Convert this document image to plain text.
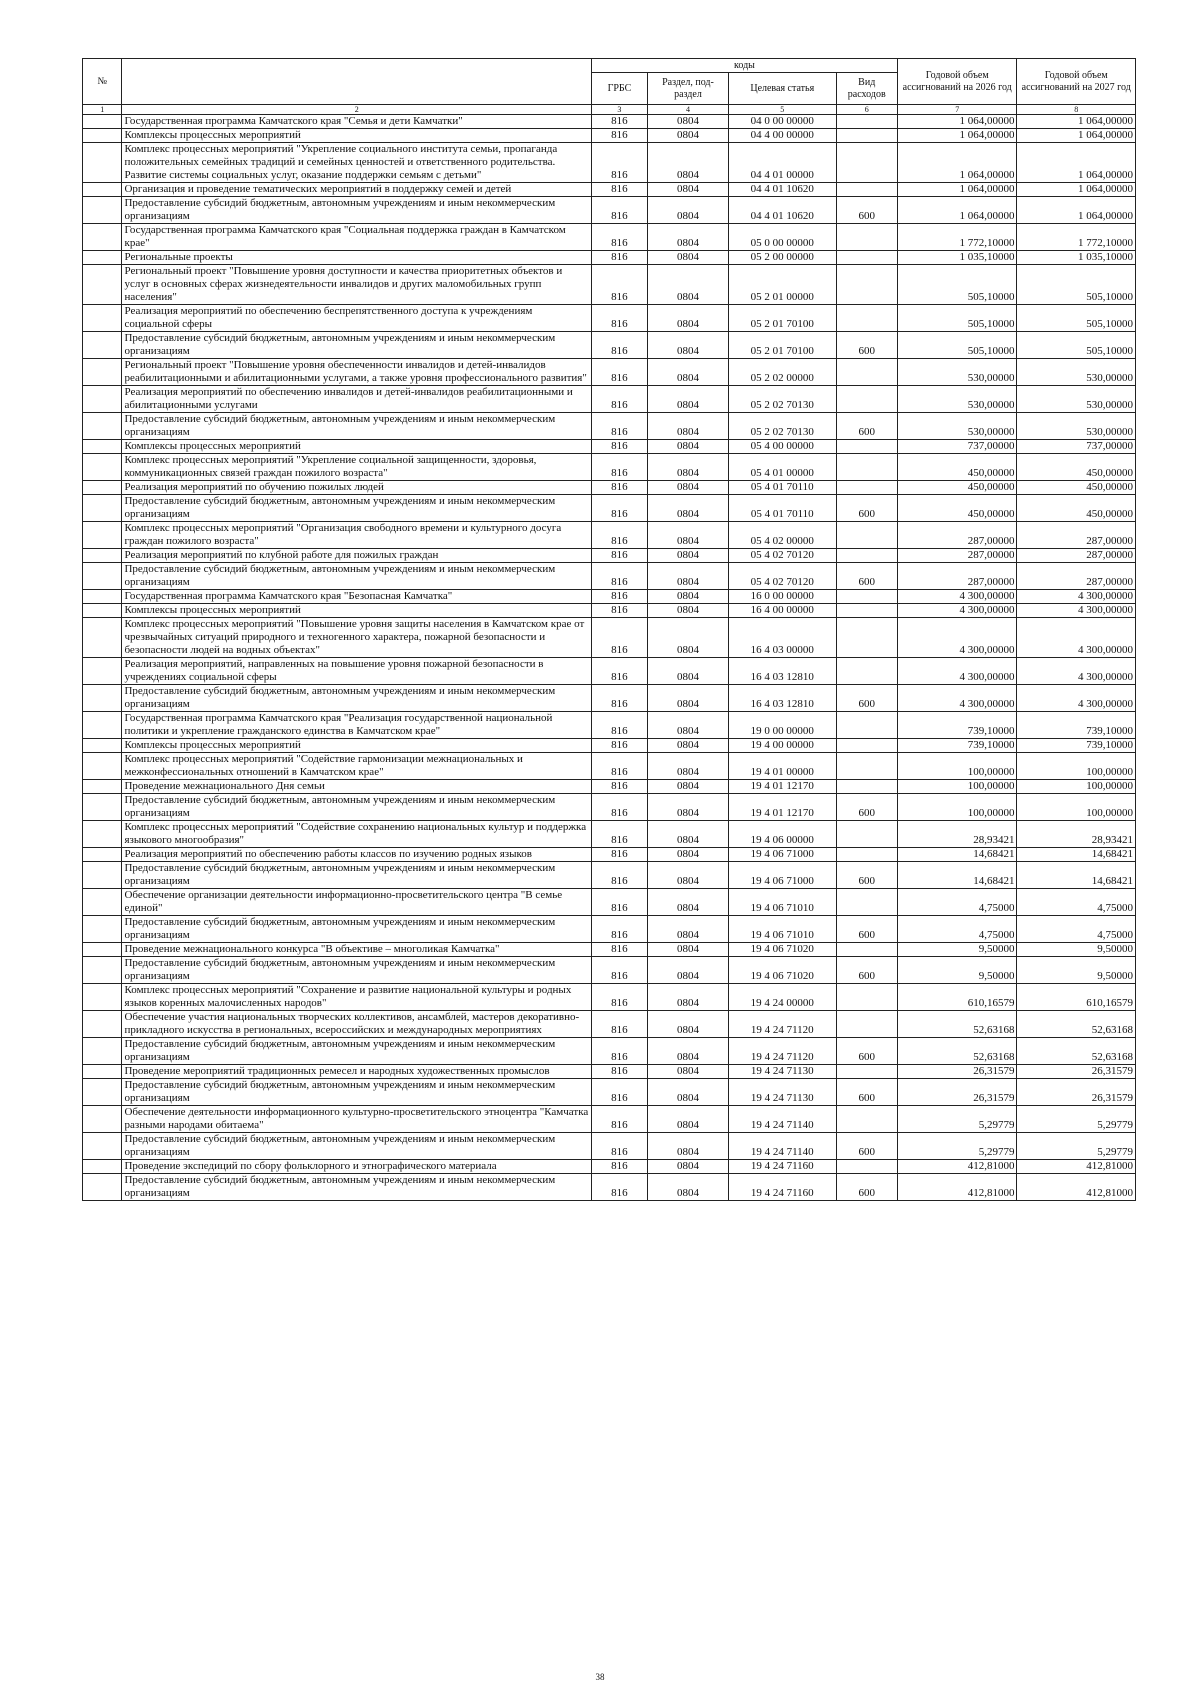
№		коды				Годовой объем ассигнований на 2026 год	Годовой объем ассигнований на 2027 год
		ГРБС	Раздел, под-раздел	Целевая статья	Вид расходов		
1	2	3	4	5	6	7	8
	Государственная программа Камчатского края "Семья и дети Камчатки"	816	0804	04 0 00 00000		1 064,00000	1 064,00000
	Комплексы процессных мероприятий	816	0804	04 4 00 00000		1 064,00000	1 064,00000
	Комплекс процессных мероприятий "Укрепление социального института семьи, пропаганда положительных семейных традиций и семейных ценностей и ответственного родительства. Развитие системы социальных услуг, оказание поддержки семьям с детьми"	816	0804	04 4 01 00000		1 064,00000	1 064,00000
	Организация и проведение тематических мероприятий в поддержку семей и детей	816	0804	04 4 01 10620		1 064,00000	1 064,00000
	Предоставление субсидий бюджетным, автономным учреждениям и иным некоммерческим организациям	816	0804	04 4 01 10620	600	1 064,00000	1 064,00000
	Государственная программа Камчатского края "Социальная поддержка граждан в Камчатском крае"	816	0804	05 0 00 00000		1 772,10000	1 772,10000
	Региональные проекты	816	0804	05 2 00 00000		1 035,10000	1 035,10000
	Региональный проект "Повышение уровня доступности и качества приоритетных объектов и услуг в основных сферах жизнедеятельности инвалидов и других маломобильных групп населения"	816	0804	05 2 01 00000		505,10000	505,10000
	Реализация мероприятий по обеспечению беспрепятственного доступа к учреждениям социальной сферы	816	0804	05 2 01 70100		505,10000	505,10000
	Предоставление субсидий бюджетным, автономным учреждениям и иным некоммерческим организациям	816	0804	05 2 01 70100	600	505,10000	505,10000
	Региональный проект "Повышение уровня обеспеченности инвалидов и детей-инвалидов реабилитационными и абилитационными услугами, а также уровня профессионального развития"	816	0804	05 2 02 00000		530,00000	530,00000
	Реализация мероприятий по обеспечению инвалидов и детей-инвалидов реабилитационными и абилитационными услугами	816	0804	05 2 02 70130		530,00000	530,00000
	Предоставление субсидий бюджетным, автономным учреждениям и иным некоммерческим организациям	816	0804	05 2 02 70130	600	530,00000	530,00000
	Комплексы процессных мероприятий	816	0804	05 4 00 00000		737,00000	737,00000
	Комплекс процессных мероприятий "Укрепление социальной защищенности, здоровья, коммуникационных связей граждан пожилого возраста"	816	0804	05 4 01 00000		450,00000	450,00000
	Реализация мероприятий по обучению пожилых людей	816	0804	05 4 01 70110		450,00000	450,00000
	Предоставление субсидий бюджетным, автономным учреждениям и иным некоммерческим организациям	816	0804	05 4 01 70110	600	450,00000	450,00000
	Комплекс процессных мероприятий "Организация свободного времени и культурного досуга граждан пожилого возраста"	816	0804	05 4 02 00000		287,00000	287,00000
	Реализация мероприятий по клубной работе для пожилых граждан	816	0804	05 4 02 70120		287,00000	287,00000
	Предоставление субсидий бюджетным, автономным учреждениям и иным некоммерческим организациям	816	0804	05 4 02 70120	600	287,00000	287,00000
	Государственная программа Камчатского края "Безопасная Камчатка"	816	0804	16 0 00 00000		4 300,00000	4 300,00000
	Комплексы процессных мероприятий	816	0804	16 4 00 00000		4 300,00000	4 300,00000
	Комплекс процессных мероприятий "Повышение уровня защиты населения в Камчатском крае от чрезвычайных ситуаций природного и техногенного характера, пожарной безопасности и безопасности людей на водных объектах"	816	0804	16 4 03 00000		4 300,00000	4 300,00000
	Реализация мероприятий, направленных на повышение уровня пожарной безопасности в учреждениях социальной сферы	816	0804	16 4 03 12810		4 300,00000	4 300,00000
	Предоставление субсидий бюджетным, автономным учреждениям и иным некоммерческим организациям	816	0804	16 4 03 12810	600	4 300,00000	4 300,00000
	Государственная программа Камчатского края "Реализация государственной национальной политики и укрепление гражданского единства в Камчатском крае"	816	0804	19 0 00 00000		739,10000	739,10000
	Комплексы процессных мероприятий	816	0804	19 4 00 00000		739,10000	739,10000
	Комплекс процессных мероприятий "Содействие гармонизации межнациональных и межконфессиональных отношений в Камчатском крае"	816	0804	19 4 01 00000		100,00000	100,00000
	Проведение межнационального Дня семьи	816	0804	19 4 01 12170		100,00000	100,00000
	Предоставление субсидий бюджетным, автономным учреждениям и иным некоммерческим организациям	816	0804	19 4 01 12170	600	100,00000	100,00000
	Комплекс процессных мероприятий "Содействие сохранению национальных культур и поддержка языкового многообразия"	816	0804	19 4 06 00000		28,93421	28,93421
	Реализация мероприятий по обеспечению работы классов по изучению родных языков	816	0804	19 4 06 71000		14,68421	14,68421
	Предоставление субсидий бюджетным, автономным учреждениям и иным некоммерческим организациям	816	0804	19 4 06 71000	600	14,68421	14,68421
	Обеспечение организации деятельности информационно-просветительского центра "В семье единой"	816	0804	19 4 06 71010		4,75000	4,75000
	Предоставление субсидий бюджетным, автономным учреждениям и иным некоммерческим организациям	816	0804	19 4 06 71010	600	4,75000	4,75000
	Проведение межнационального конкурса "В объективе – многоликая Камчатка"	816	0804	19 4 06 71020		9,50000	9,50000
	Предоставление субсидий бюджетным, автономным учреждениям и иным некоммерческим организациям	816	0804	19 4 06 71020	600	9,50000	9,50000
	Комплекс процессных мероприятий "Сохранение и развитие национальной культуры и родных языков коренных малочисленных народов"	816	0804	19 4 24 00000		610,16579	610,16579
	Обеспечение участия национальных творческих коллективов, ансамблей, мастеров декоративно-прикладного искусства в региональных, всероссийских и международных мероприятиях	816	0804	19 4 24 71120		52,63168	52,63168
	Предоставление субсидий бюджетным, автономным учреждениям и иным некоммерческим организациям	816	0804	19 4 24 71120	600	52,63168	52,63168
	Проведение мероприятий традиционных ремесел и народных художественных промыслов	816	0804	19 4 24 71130		26,31579	26,31579
	Предоставление субсидий бюджетным, автономным учреждениям и иным некоммерческим организациям	816	0804	19 4 24 71130	600	26,31579	26,31579
	Обеспечение деятельности информационного культурно-просветительского этноцентра "Камчатка разными народами обитаема"	816	0804	19 4 24 71140		5,29779	5,29779
	Предоставление субсидий бюджетным, автономным учреждениям и иным некоммерческим организациям	816	0804	19 4 24 71140	600	5,29779	5,29779
	Проведение экспедиций по сбору фольклорного и этнографического материала	816	0804	19 4 24 71160		412,81000	412,81000
	Предоставление субсидий бюджетным, автономным учреждениям и иным некоммерческим организациям	816	0804	19 4 24 71160	600	412,81000	412,81000
38
